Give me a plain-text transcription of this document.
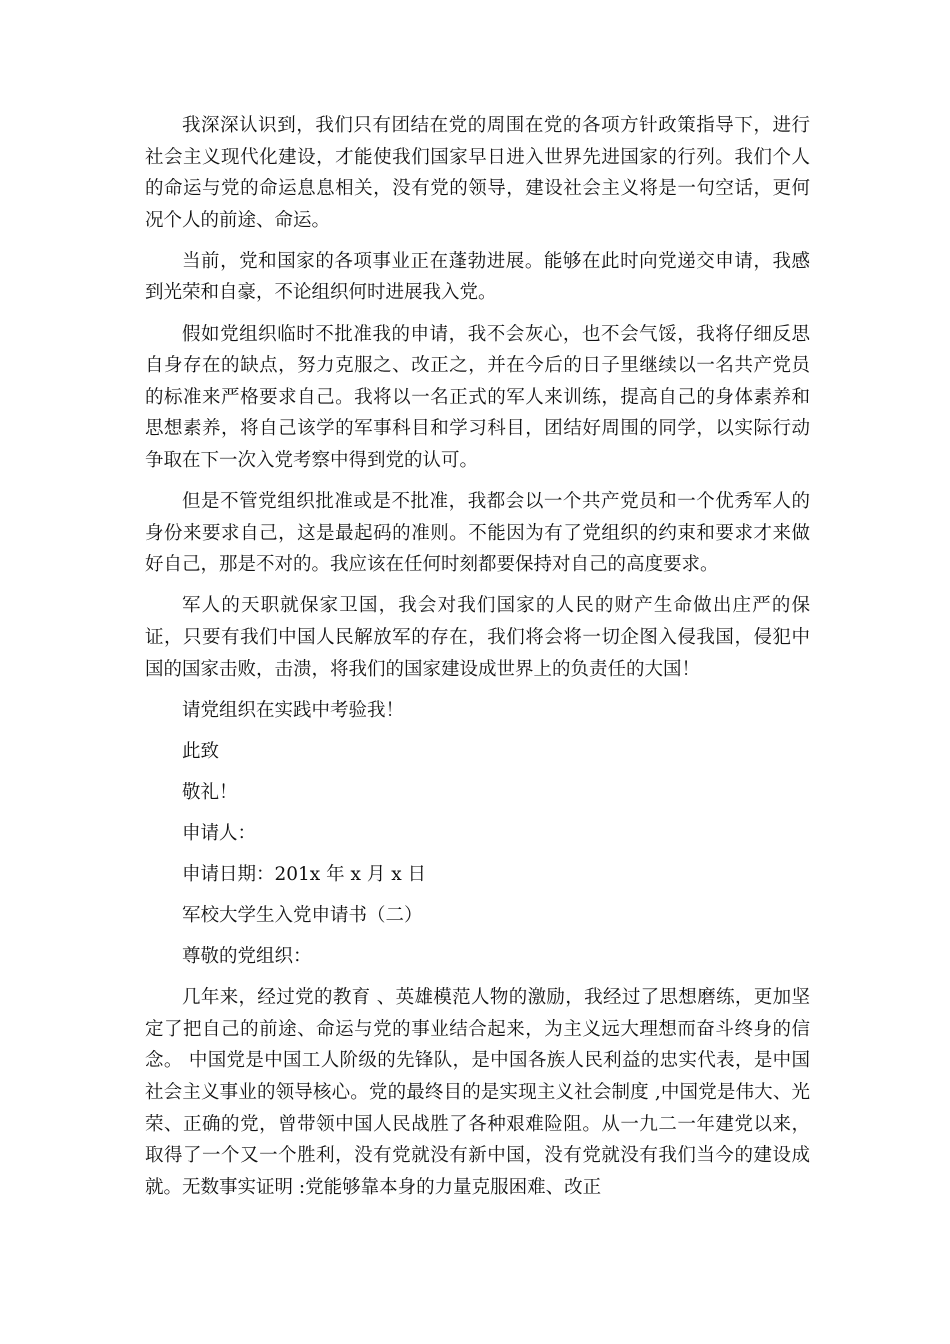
我深深认识到，我们只有团结在党的周围在党的各项方针政策指导下，进行社会主义现代化建设，才能使我们国家早日进入世界先进国家的行列。我们个人的命运与党的命运息息相关，没有党的领导，建设社会主义将是一句空话，更何况个人的前途、命运。

当前，党和国家的各项事业正在蓬勃进展。能够在此时向党递交申请，我感到光荣和自豪，不论组织何时进展我入党。

假如党组织临时不批准我的申请，我不会灰心，也不会气馁，我将仔细反思自身存在的缺点，努力克服之、改正之，并在今后的日子里继续以一名共产党员的标准来严格要求自己。我将以一名正式的军人来训练，提高自己的身体素养和思想素养，将自己该学的军事科目和学习科目，团结好周围的同学，以实际行动争取在下一次入党考察中得到党的认可。

但是不管党组织批准或是不批准，我都会以一个共产党员和一个优秀军人的身份来要求自己，这是最起码的准则。不能因为有了党组织的约束和要求才来做好自己，那是不对的。我应该在任何时刻都要保持对自己的高度要求。

军人的天职就保家卫国，我会对我们国家的人民的财产生命做出庄严的保证，只要有我们中国人民解放军的存在，我们将会将一切企图入侵我国，侵犯中国的国家击败，击溃，将我们的国家建设成世界上的负责任的大国！

请党组织在实践中考验我！

此致

敬礼！

申请人：

申请日期：201x 年 x 月 x 日

军校大学生入党申请书（二）

尊敬的党组织：

几年来，经过党的教育 、英雄模范人物的激励，我经过了思想磨练，更加坚定了把自己的前途、命运与党的事业结合起来，为主义远大理想而奋斗终身的信念。 中国党是中国工人阶级的先锋队，是中国各族人民利益的忠实代表，是中国社会主义事业的领导核心。党的最终目的是实现主义社会制度 ,中国党是伟大、光荣、正确的党，曾带领中国人民战胜了各种艰难险阻。从一九二一年建党以来，取得了一个又一个胜利，没有党就没有新中国，没有党就没有我们当今的建设成就。无数事实证明 :党能够靠本身的力量克服困难、改正
